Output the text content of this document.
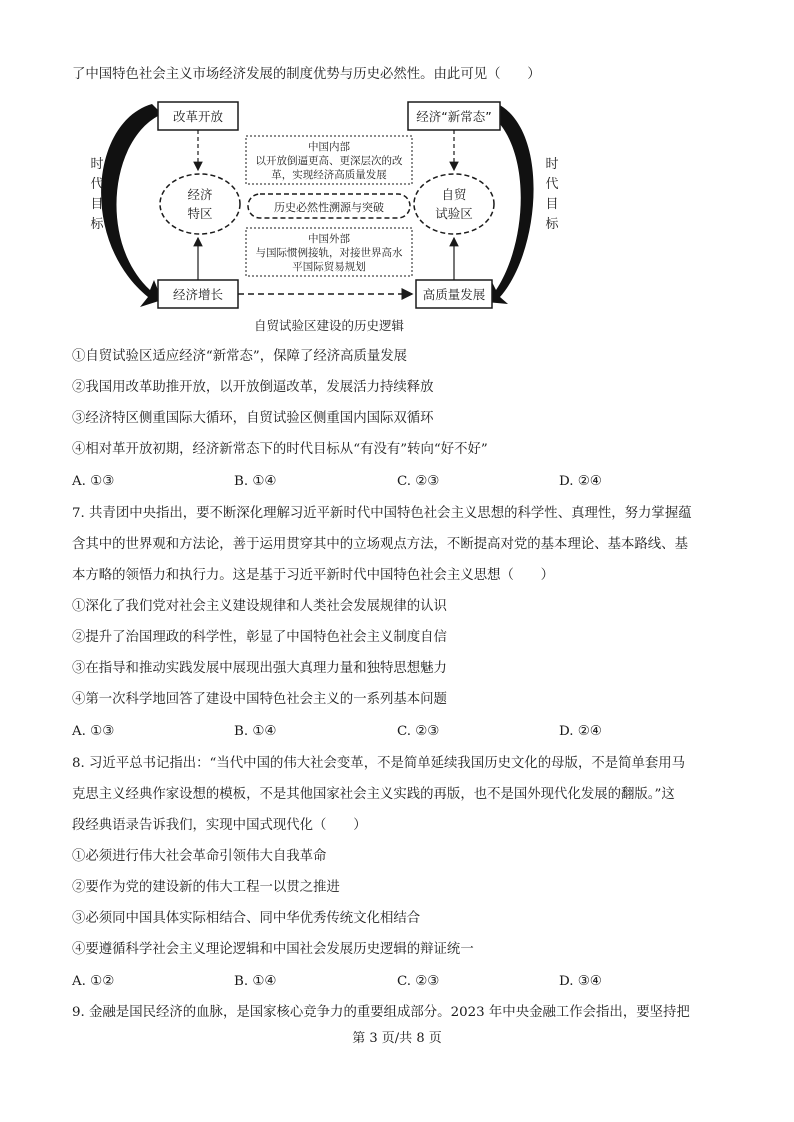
了中国特色社会主义市场经济发展的制度优势与历史必然性。由此可见（　　）
改革开放	经济“新常态”
经济
特区
自贸
试验区
中国内部
以开放倒逼更高、更深层次的改
革，实现经济高质量发展
历史必然性溯源与突破
中国外部
与国际惯例接轨，对接世界高水
平国际贸易规划
经济增长	高质量发展
时
代
目
标
时
代
目
标
自贸试验区建设的历史逻辑
①自贸试验区适应经济“新常态”，保障了经济高质量发展
②我国用改革助推开放，以开放倒逼改革，发展活力持续释放
③经济特区侧重国际大循环，自贸试验区侧重国内国际双循环
④相对革开放初期，经济新常态下的时代目标从“有没有”转向“好不好”
A. ①③	B. ①④	C. ②③	D. ②④
7. 共青团中央指出，要不断深化理解习近平新时代中国特色社会主义思想的科学性、真理性，努力掌握蕴
含其中的世界观和方法论，善于运用贯穿其中的立场观点方法，不断提高对党的基本理论、基本路线、基
本方略的领悟力和执行力。这是基于习近平新时代中国特色社会主义思想（　　）
①深化了我们党对社会主义建设规律和人类社会发展规律的认识
②提升了治国理政的科学性，彰显了中国特色社会主义制度自信
③在指导和推动实践发展中展现出强大真理力量和独特思想魅力
④第一次科学地回答了建设中国特色社会主义的一系列基本问题
A. ①③	B. ①④	C. ②③	D. ②④
8. 习近平总书记指出：“当代中国的伟大社会变革，不是简单延续我国历史文化的母版，不是简单套用马
克思主义经典作家设想的模板，不是其他国家社会主义实践的再版，也不是国外现代化发展的翻版。”这
段经典语录告诉我们，实现中国式现代化（　　）
①必须进行伟大社会革命引领伟大自我革命
②要作为党的建设新的伟大工程一以贯之推进
③必须同中国具体实际相结合、同中华优秀传统文化相结合
④要遵循科学社会主义理论逻辑和中国社会发展历史逻辑的辩证统一
A. ①②	B. ①④	C. ②③	D. ③④
9. 金融是国民经济的血脉，是国家核心竞争力的重要组成部分。2023 年中央金融工作会指出，要坚持把
第 3 页/共 8 页
